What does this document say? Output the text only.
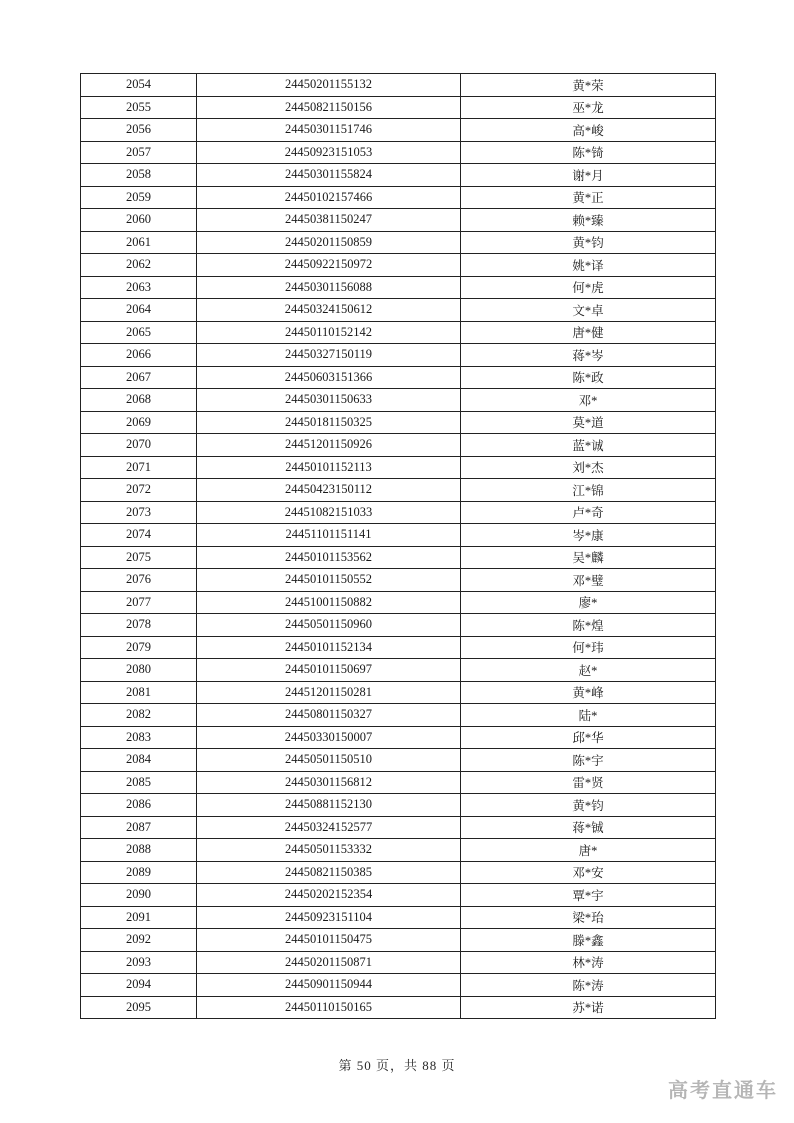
2054	24450201155132	黄*荣
2055	24450821150156	巫*龙
2056	24450301151746	高*峻
2057	24450923151053	陈*锜
2058	24450301155824	谢*月
2059	24450102157466	黄*正
2060	24450381150247	赖*臻
2061	24450201150859	黄*钧
2062	24450922150972	姚*译
2063	24450301156088	何*虎
2064	24450324150612	文*卓
2065	24450110152142	唐*健
2066	24450327150119	蒋*岑
2067	24450603151366	陈*政
2068	24450301150633	邓*
2069	24450181150325	莫*道
2070	24451201150926	蓝*诚
2071	24450101152113	刘*杰
2072	24450423150112	江*锦
2073	24451082151033	卢*奇
2074	24451101151141	岑*康
2075	24450101153562	吴*麟
2076	24450101150552	邓*璧
2077	24451001150882	廖*
2078	24450501150960	陈*煌
2079	24450101152134	何*玮
2080	24450101150697	赵*
2081	24451201150281	黄*峰
2082	24450801150327	陆*
2083	24450330150007	邱*华
2084	24450501150510	陈*宇
2085	24450301156812	雷*贤
2086	24450881152130	黄*钧
2087	24450324152577	蒋*铖
2088	24450501153332	唐*
2089	24450821150385	邓*安
2090	24450202152354	覃*宇
2091	24450923151104	梁*珆
2092	24450101150475	滕*鑫
2093	24450201150871	林*涛
2094	24450901150944	陈*涛
2095	24450110150165	苏*诺
第 50 页，共 88 页
高考直通车
